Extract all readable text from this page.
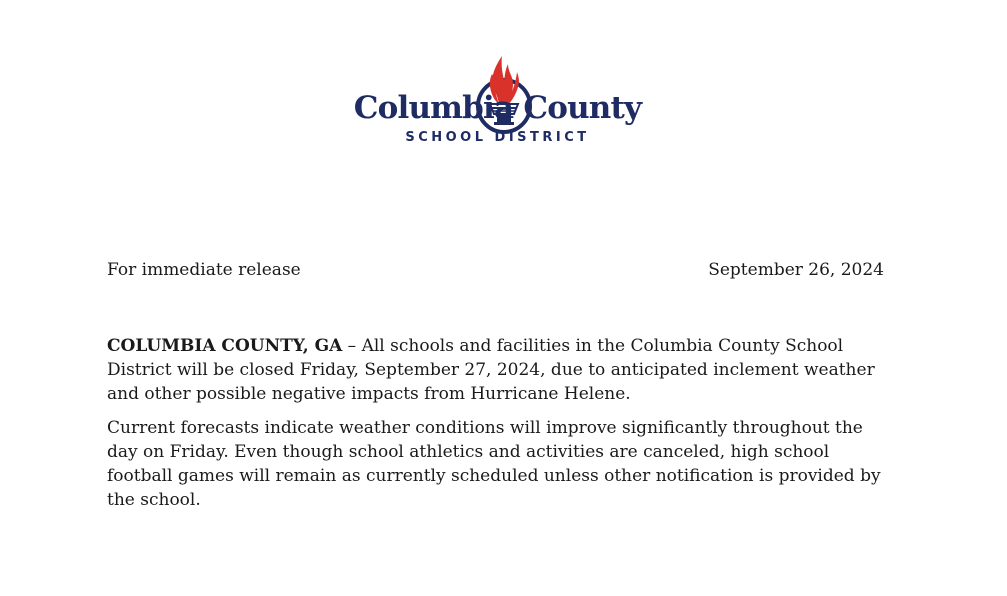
Columbia County
SCHOOL DISTRICT
For immediate release	September 26, 2024

COLUMBIA COUNTY, GA – All schools and facilities in the Columbia County School District will be closed Friday, September 27, 2024, due to anticipated inclement weather and other possible negative impacts from Hurricane Helene.

Current forecasts indicate weather conditions will improve significantly throughout the day on Friday. Even though school athletics and activities are canceled, high school football games will remain as currently scheduled unless other notification is provided by the school.
